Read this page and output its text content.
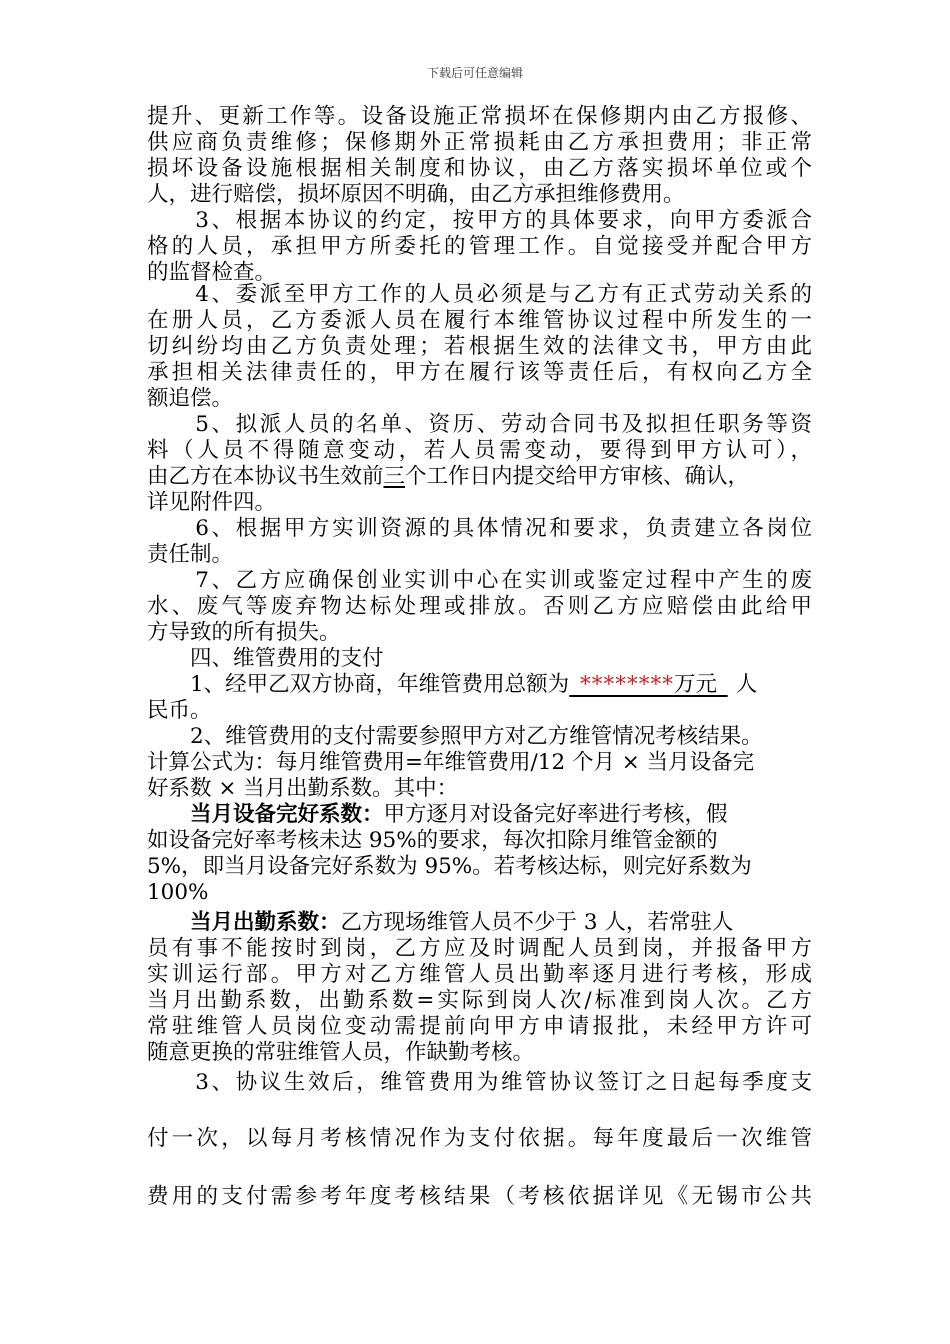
下载后可任意编辑
提升、更新工作等。设备设施正常损坏在保修期内由乙方报修、
供应商负责维修；保修期外正常损耗由乙方承担费用；非正常
损坏设备设施根据相关制度和协议，由乙方落实损坏单位或个
人，进行赔偿，损坏原因不明确，由乙方承担维修费用。
　　3、根据本协议的约定，按甲方的具体要求，向甲方委派合
格的人员，承担甲方所委托的管理工作。自觉接受并配合甲方
的监督检查。
　　4、委派至甲方工作的人员必须是与乙方有正式劳动关系的
在册人员，乙方委派人员在履行本维管协议过程中所发生的一
切纠纷均由乙方负责处理；若根据生效的法律文书，甲方由此
承担相关法律责任的，甲方在履行该等责任后，有权向乙方全
额追偿。
　　5、拟派人员的名单、资历、劳动合同书及拟担任职务等资
料（人员不得随意变动，若人员需变动，要得到甲方认可），
由乙方在本协议书生效前三个工作日内提交给甲方审核、确认，
详见附件四。
　　6、根据甲方实训资源的具体情况和要求，负责建立各岗位
责任制。
　　7、乙方应确保创业实训中心在实训或鉴定过程中产生的废
水、废气等废弃物达标处理或排放。否则乙方应赔偿由此给甲
方导致的所有损失。
　　四、维管费用的支付
　　1、经甲乙双方协商，年维管费用总额为  ********万元  人
民币。
　　2、维管费用的支付需要参照甲方对乙方维管情况考核结果。
计算公式为：每月维管费用=年维管费用/12 个月 × 当月设备完
好系数 × 当月出勤系数。其中：
　　当月设备完好系数：甲方逐月对设备完好率进行考核，假
如设备完好率考核未达 95%的要求，每次扣除月维管金额的
5%，即当月设备完好系数为 95%。若考核达标，则完好系数为
100%
　　当月出勤系数：乙方现场维管人员不少于 3 人，若常驻人
员有事不能按时到岗，乙方应及时调配人员到岗，并报备甲方
实训运行部。甲方对乙方维管人员出勤率逐月进行考核，形成
当月出勤系数，出勤系数=实际到岗人次/标准到岗人次。乙方
常驻维管人员岗位变动需提前向甲方申请报批，未经甲方许可
随意更换的常驻维管人员，作缺勤考核。
　　3、协议生效后，维管费用为维管协议签订之日起每季度支
付一次，以每月考核情况作为支付依据。每年度最后一次维管
费用的支付需参考年度考核结果（考核依据详见《无锡市公共
